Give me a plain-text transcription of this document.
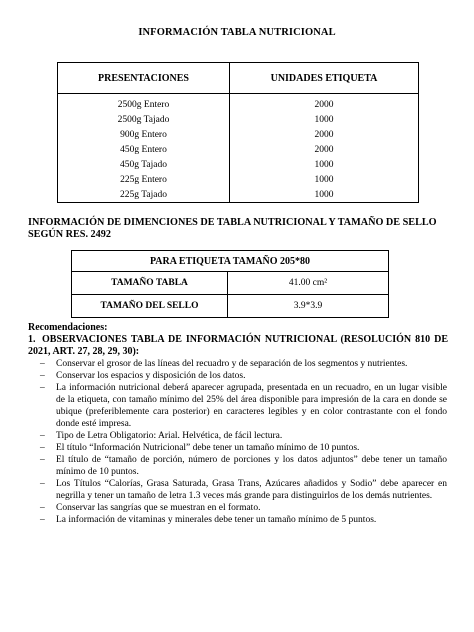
INFORMACIÓN TABLA NUTRICIONAL
PRESENTACIONES	UNIDADES ETIQUETA
2500g Entero	2000
2500g Tajado	1000
900g Entero	2000
450g Entero	2000
450g Tajado	1000
225g Entero	1000
225g Tajado	1000
INFORMACIÓN DE DIMENCIONES DE TABLA NUTRICIONAL Y TAMAÑO DE SELLO SEGÚN RES. 2492
PARA ETIQUETA TAMAÑO 205*80	
TAMAÑO TABLA	41.00 cm²
TAMAÑO DEL SELLO	3.9*3.9
Recomendaciones:
1. OBSERVACIONES TABLA DE INFORMACIÓN NUTRICIONAL (RESOLUCIÓN 810 DE 2021, ART. 27, 28, 29, 30):
– Conservar el grosor de las líneas del recuadro y de separación de los segmentos y nutrientes.
– Conservar los espacios y disposición de los datos.
– La información nutricional deberá aparecer agrupada, presentada en un recuadro, en un lugar visible de la etiqueta, con tamaño mínimo del 25% del área disponible para impresión de la cara en donde se ubique (preferiblemente cara posterior) en caracteres legibles y en color contrastante con el fondo donde esté impresa.
– Tipo de Letra Obligatorio: Arial. Helvética, de fácil lectura.
– El título “Información Nutricional” debe tener un tamaño mínimo de 10 puntos.
– El título de “tamaño de porción, número de porciones y los datos adjuntos” debe tener un tamaño mínimo de 10 puntos.
– Los Títulos “Calorías, Grasa Saturada, Grasa Trans, Azúcares añadidos y Sodio” debe aparecer en negrilla y tener un tamaño de letra 1.3 veces más grande para distinguirlos de los demás nutrientes.
– Conservar las sangrías que se muestran en el formato.
– La información de vitaminas y minerales debe tener un tamaño mínimo de 5 puntos.
